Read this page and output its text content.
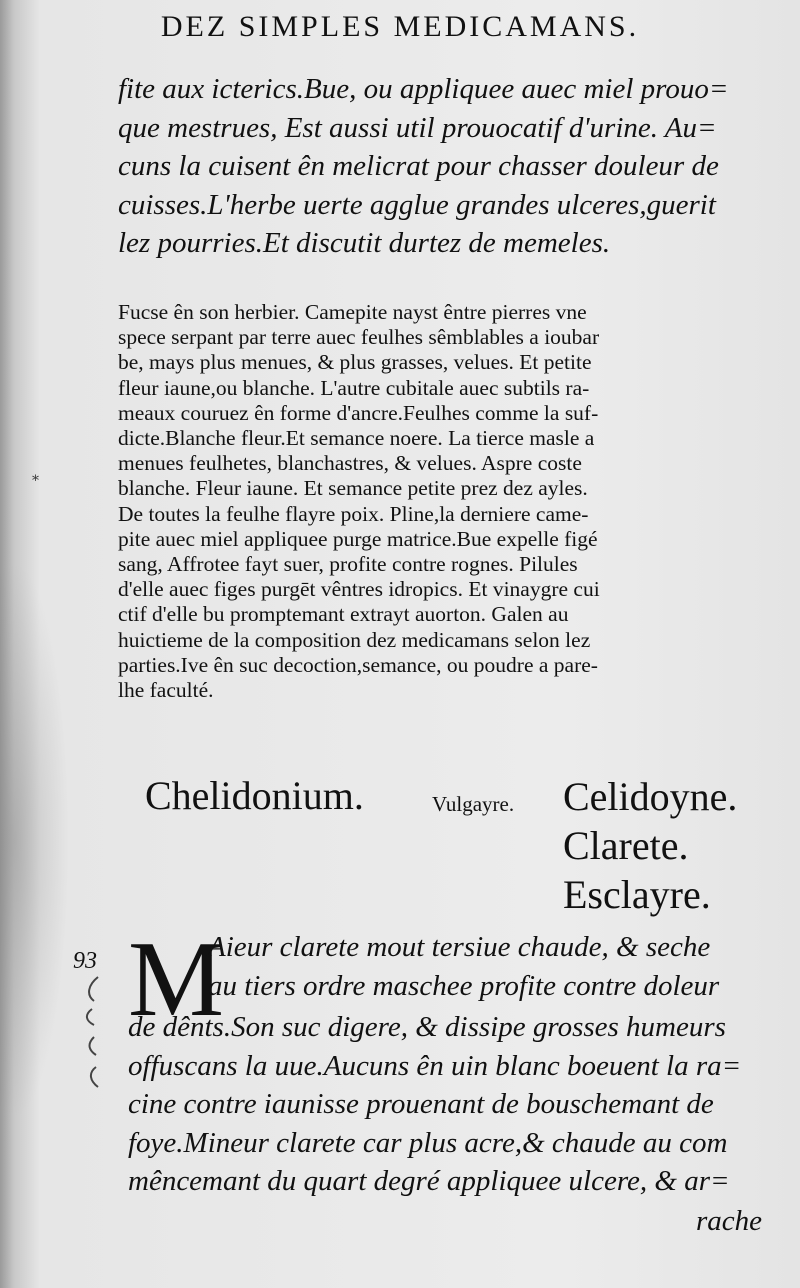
*
DEZ SIMPLES MEDICAMANS.
fite aux icterics.Bue, ou appliquee auec miel prouo=
que mestrues, Est aussi util prouocatif d'urine. Au=
cuns la cuisent ên melicrat pour chasser douleur de
cuisses.L'herbe uerte agglue grandes ulceres,guerit
lez pourries.Et discutit durtez de memeles.
Fucse ên son herbier. Camepite nayst êntre pierres vne
spece serpant par terre auec feulhes sêmblables a ioubar
be, mays plus menues, & plus grasses, velues. Et petite
fleur iaune,ou blanche. L'autre cubitale auec subtils ra-
meaux couruez ên forme d'ancre.Feulhes comme la suf-
dicte.Blanche fleur.Et semance noere. La tierce masle a
menues feulhetes, blanchastres, & velues. Aspre coste
blanche. Fleur iaune. Et semance petite prez dez ayles.
De toutes la feulhe flayre poix. Pline,la derniere came-
pite auec miel appliquee purge matrice.Bue expelle figé
sang, Affrotee fayt suer, profite contre rognes. Pilules
d'elle auec figes purgēt vêntres idropics. Et vinaygre cui
ctif d'elle bu promptemant extrayt auorton. Galen au
huictieme de la composition dez medicamans selon lez
parties.Ive ên suc decoction,semance, ou poudre a pare-
lhe faculté.
Chelidonium.	Vulgayre. Celidoyne.
Clarete.
Esclayre.
93 M
Aieur clarete mout tersiue chaude, & seche
au tiers ordre maschee profite contre doleur
de dênts.Son suc digere, & dissipe grosses humeurs
offuscans la uue.Aucuns ên uin blanc boeuent la ra=
cine contre iaunisse prouenant de bouschemant de
foye.Mineur clarete car plus acre,& chaude au com
mêncemant du quart degré appliquee ulcere, & ar=
rache
